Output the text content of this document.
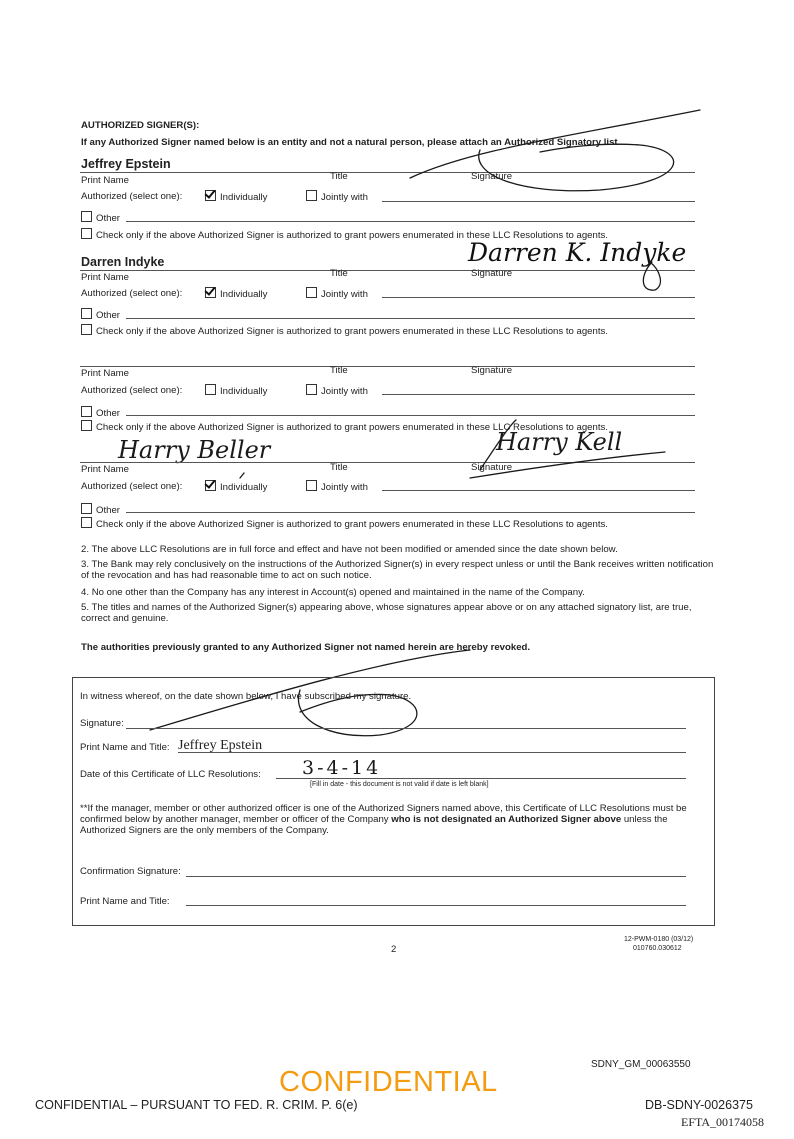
AUTHORIZED SIGNER(S):
If any Authorized Signer named below is an entity and not a natural person, please attach an Authorized Signatory list.
Jeffrey Epstein
Print Name	Title	Signature
Authorized (select one):	Individually	Jointly with
Other
Check only if the above Authorized Signer is authorized to grant powers enumerated in these LLC Resolutions to agents.
Darren Indyke
Print Name	Title	Signature
Darren K. Indyke
Authorized (select one):	Individually	Jointly with
Other
Check only if the above Authorized Signer is authorized to grant powers enumerated in these LLC Resolutions to agents.
Print Name	Title	Signature
Authorized (select one):	Individually	Jointly with
Other
Check only if the above Authorized Signer is authorized to grant powers enumerated in these LLC Resolutions to agents.
Harry Beller
Print Name	Title	Signature
Harry Kell
Authorized (select one):	Individually	Jointly with
Other
Check only if the above Authorized Signer is authorized to grant powers enumerated in these LLC Resolutions to agents.
2. The above LLC Resolutions are in full force and effect and have not been modified or amended since the date shown below.
3. The Bank may rely conclusively on the instructions of the Authorized Signer(s) in every respect unless or until the Bank receives written notification of the revocation and has had reasonable time to act on such notice.
4. No one other than the Company has any interest in Account(s) opened and maintained in the name of the Company.
5. The titles and names of the Authorized Signer(s) appearing above, whose signatures appear above or on any attached signatory list, are true, correct and genuine.
The authorities previously granted to any Authorized Signer not named herein are hereby revoked.
In witness whereof, on the date shown below, I have subscribed my signature.
Signature:
Print Name and Title: Jeffrey Epstein
Date of this Certificate of LLC Resolutions: 3-4-14
[Fill in date - this document is not valid if date is left blank]
**If the manager, member or other authorized officer is one of the Authorized Signers named above, this Certificate of LLC Resolutions must be confirmed below by another manager, member or officer of the Company who is not designated an Authorized Signer above unless the Authorized Signers are the only members of the Company.
Confirmation Signature:
Print Name and Title:
2
12-PWM-0180 (03/12)
010760.030612
SDNY_GM_00063550
CONFIDENTIAL – PURSUANT TO FED. R. CRIM. P. 6(e)
CONFIDENTIAL
DB-SDNY-0026375
EFTA_00174058
